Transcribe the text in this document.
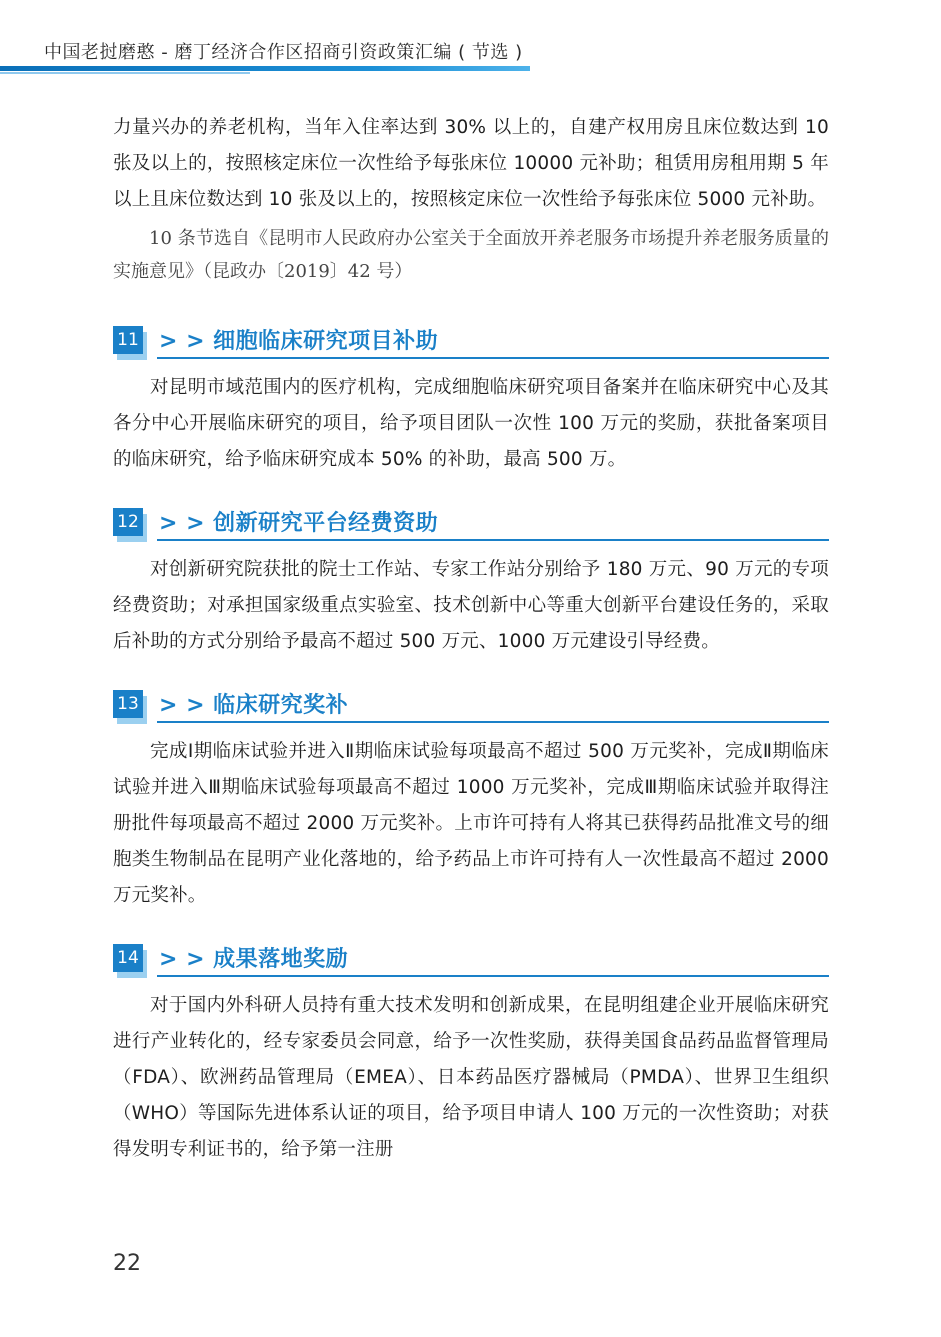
中国老挝磨憨 - 磨丁经济合作区招商引资政策汇编 ( 节选 )

力量兴办的养老机构，当年入住率达到 30% 以上的，自建产权用房且床位数达到 10 张及以上的，按照核定床位一次性给予每张床位 10000 元补助；租赁用房租用期 5 年以上且床位数达到 10 张及以上的，按照核定床位一次性给予每张床位 5000 元补助。

10 条节选自《昆明市人民政府办公室关于全面放开养老服务市场提升养老服务质量的实施意见》（昆政办〔2019〕42 号）

11 > > 细胞临床研究项目补助

对昆明市域范围内的医疗机构，完成细胞临床研究项目备案并在临床研究中心及其各分中心开展临床研究的项目，给予项目团队一次性 100 万元的奖励，获批备案项目的临床研究，给予临床研究成本 50% 的补助，最高 500 万。

12 > > 创新研究平台经费资助

对创新研究院获批的院士工作站、专家工作站分别给予 180 万元、90 万元的专项经费资助；对承担国家级重点实验室、技术创新中心等重大创新平台建设任务的，采取后补助的方式分别给予最高不超过 500 万元、1000 万元建设引导经费。

13 > > 临床研究奖补

完成Ⅰ期临床试验并进入Ⅱ期临床试验每项最高不超过 500 万元奖补，完成Ⅱ期临床试验并进入Ⅲ期临床试验每项最高不超过 1000 万元奖补，完成Ⅲ期临床试验并取得注册批件每项最高不超过 2000 万元奖补。上市许可持有人将其已获得药品批准文号的细胞类生物制品在昆明产业化落地的，给予药品上市许可持有人一次性最高不超过 2000 万元奖补。

14 > > 成果落地奖励

对于国内外科研人员持有重大技术发明和创新成果，在昆明组建企业开展临床研究进行产业转化的，经专家委员会同意，给予一次性奖励，获得美国食品药品监督管理局（FDA）、欧洲药品管理局（EMEA）、日本药品医疗器械局（PMDA）、世界卫生组织（WHO）等国际先进体系认证的项目，给予项目申请人 100 万元的一次性资助；对获得发明专利证书的，给予第一注册

22
